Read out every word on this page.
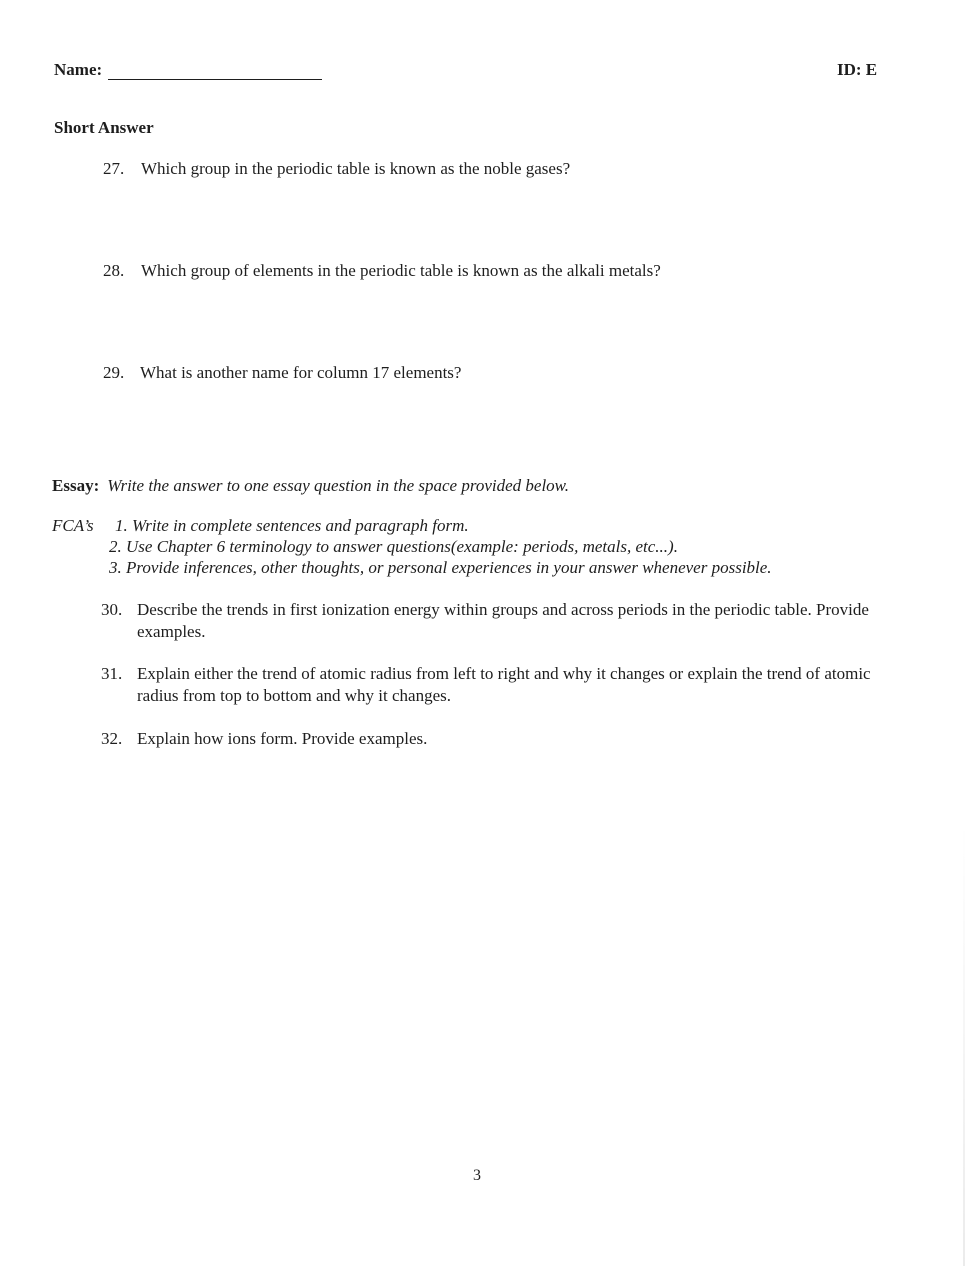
Name:	ID: E
Short Answer
27. Which group in the periodic table is known as the noble gases?
28. Which group of elements in the periodic table is known as the alkali metals?
29. What is another name for column 17 elements?
Essay: Write the answer to one essay question in the space provided below.
FCA’s 1. Write in complete sentences and paragraph form.
2. Use Chapter 6 terminology to answer questions(example: periods, metals, etc...).
3. Provide inferences, other thoughts, or personal experiences in your answer whenever possible.
30. Describe the trends in first ionization energy within groups and across periods in the periodic table. Provide
examples.
31. Explain either the trend of atomic radius from left to right and why it changes or explain the trend of atomic
radius from top to bottom and why it changes.
32. Explain how ions form. Provide examples.
3
